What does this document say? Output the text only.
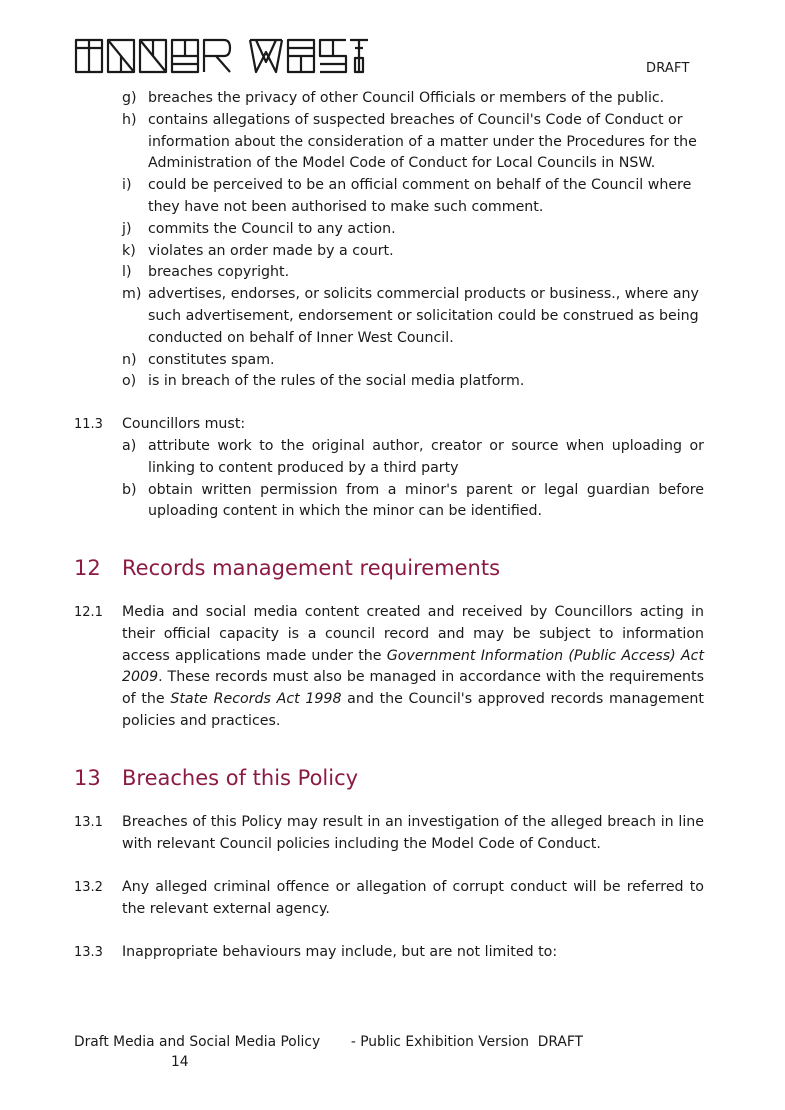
DRAFT
g) breaches the privacy of other Council Officials or members of the public.
h) contains allegations of suspected breaches of Council's Code of Conduct or information about the consideration of a matter under the Procedures for the Administration of the Model Code of Conduct for Local Councils in NSW.
i)	could be perceived to be an official comment on behalf of the Council where they have not been authorised to make such comment.
j)	commits the Council to any action.
k) violates an order made by a court.
l)	breaches copyright.
m) advertises, endorses, or solicits commercial products or business., where any such advertisement, endorsement or solicitation could be construed as being conducted on behalf of Inner West Council.
n) constitutes spam.
o) is in breach of the rules of the social media platform.
11.3	Councillors must:
a) attribute work to the original author, creator or source when uploading or linking to content produced by a third party
b) obtain written permission from a minor's parent or legal guardian before uploading content in which the minor can be identified.
12	Records management requirements
12.1	Media and social media content created and received by Councillors acting in their official capacity is a council record and may be subject to information access applications made under the Government Information (Public Access) Act 2009. These records must also be managed in accordance with the requirements of the State Records Act 1998 and the Council's approved records management policies and practices.
13	Breaches of this Policy
13.1	Breaches of this Policy may result in an investigation of the alleged breach in line with relevant Council policies including the Model Code of Conduct.
13.2	Any alleged criminal offence or allegation of corrupt conduct will be referred to the relevant external agency.
13.3	Inappropriate behaviours may include, but are not limited to:
Draft Media and Social Media Policy       - Public Exhibition Version  DRAFT
14
